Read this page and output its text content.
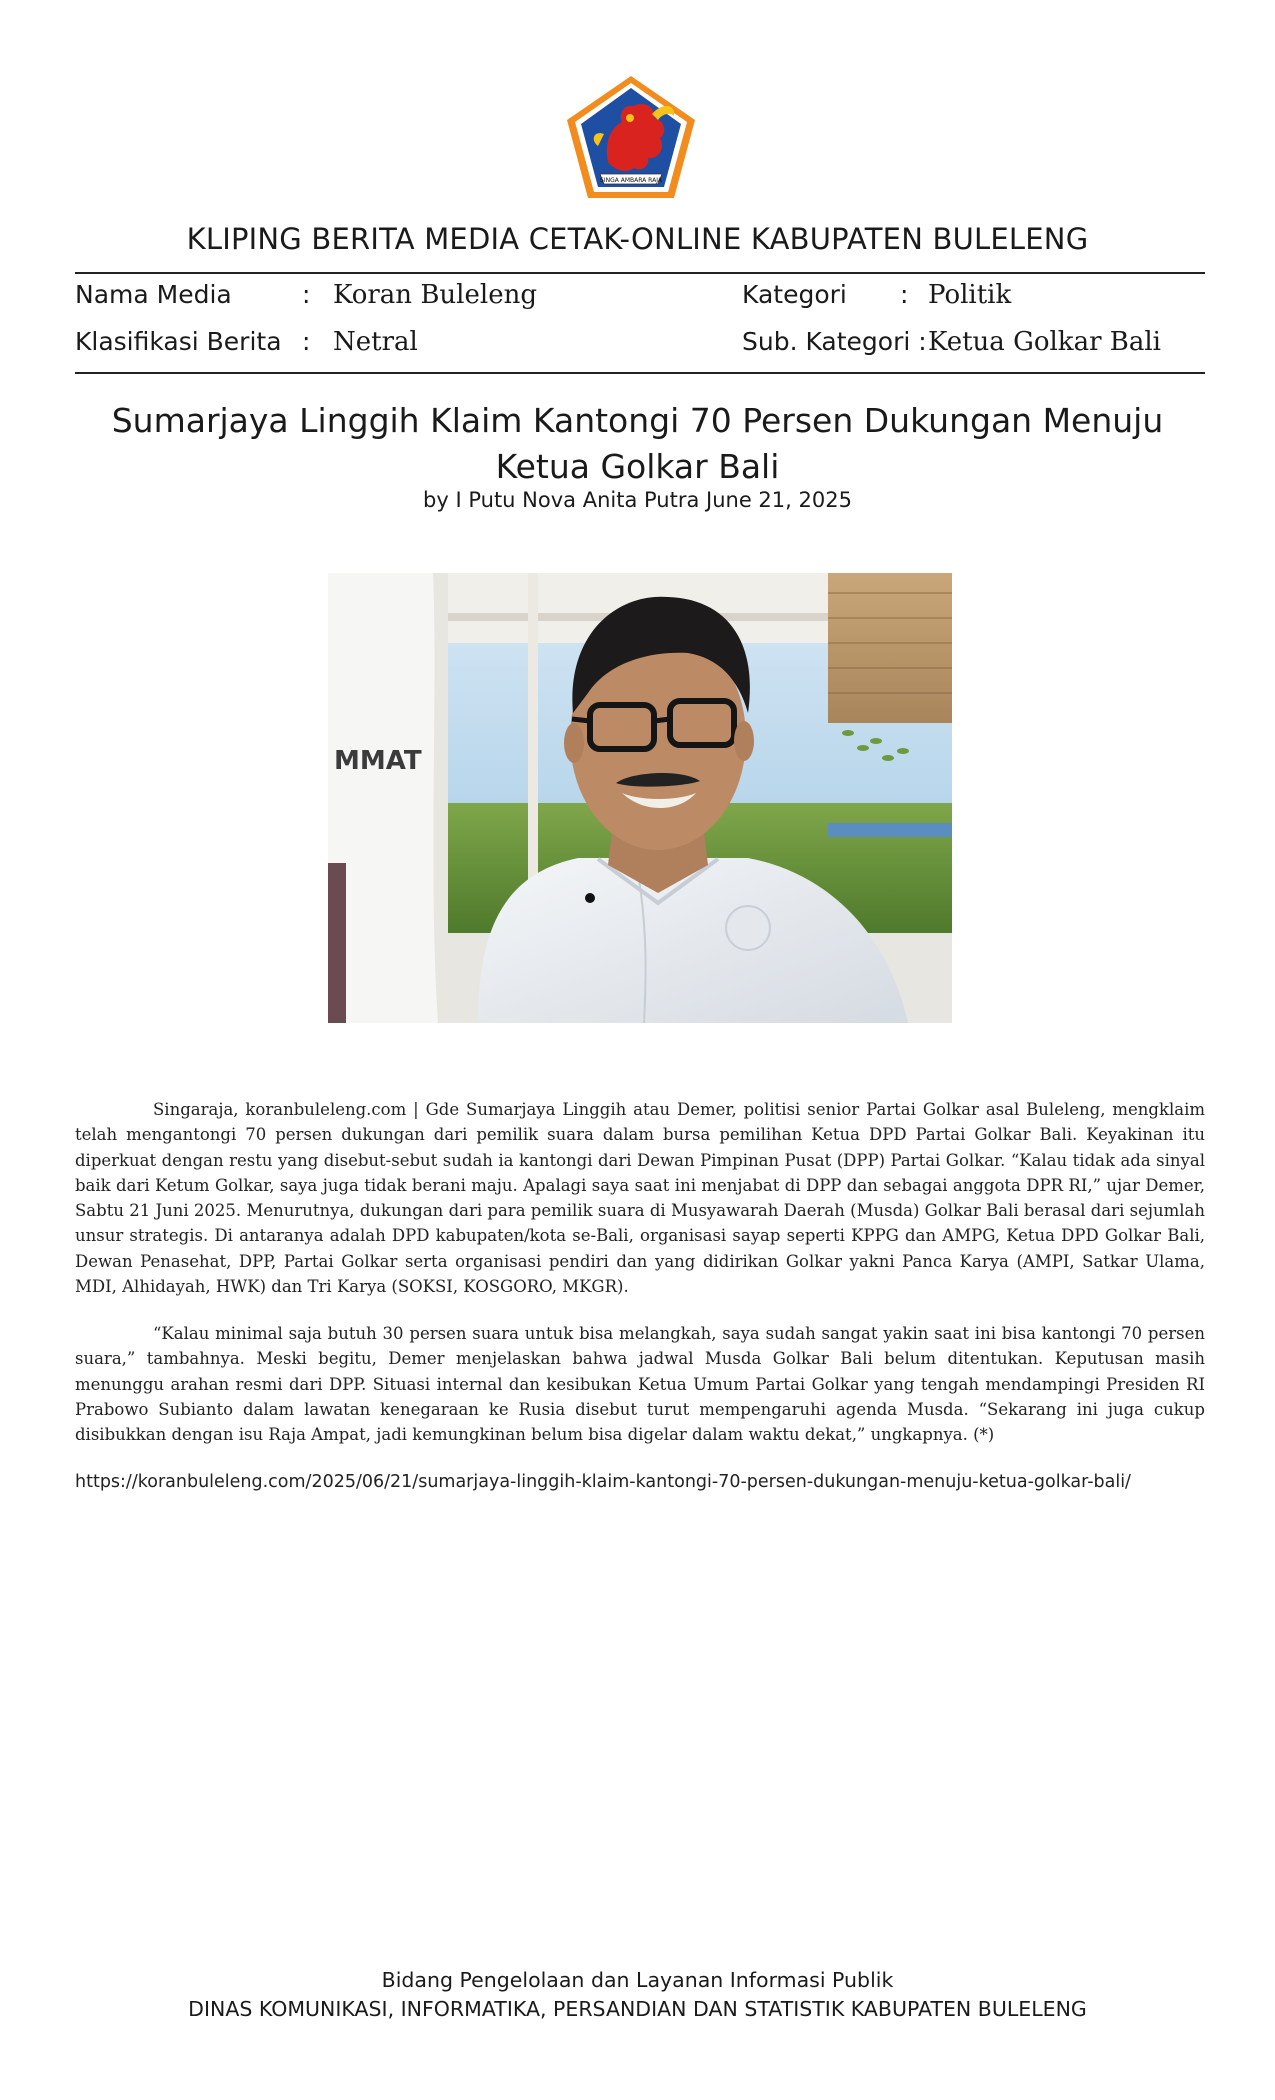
SINGA AMBARA RAJA
KLIPING BERITA MEDIA CETAK-ONLINE KABUPATEN BULELENG
Nama Media	: Koran Buleleng
Klasifikasi Berita : Netral
Kategori : Politik
Sub. Kategori : Ketua Golkar Bali
Sumarjaya Linggih Klaim Kantongi 70 Persen Dukungan Menuju Ketua Golkar Bali
by I Putu Nova Anita Putra June 21, 2025
MMAT
Singaraja, koranbuleleng.com | Gde Sumarjaya Linggih atau Demer, politisi senior Partai Golkar asal Buleleng, mengklaim telah mengantongi 70 persen dukungan dari pemilik suara dalam bursa pemilihan Ketua DPD Partai Golkar Bali. Keyakinan itu diperkuat dengan restu yang disebut-sebut sudah ia kantongi dari Dewan Pimpinan Pusat (DPP) Partai Golkar. “Kalau tidak ada sinyal baik dari Ketum Golkar, saya juga tidak berani maju. Apalagi saya saat ini menjabat di DPP dan sebagai anggota DPR RI,” ujar Demer, Sabtu 21 Juni 2025. Menurutnya, dukungan dari para pemilik suara di Musyawarah Daerah (Musda) Golkar Bali berasal dari sejumlah unsur strategis. Di antaranya adalah DPD kabupaten/kota se-Bali, organisasi sayap seperti KPPG dan AMPG, Ketua DPD Golkar Bali, Dewan Penasehat, DPP, Partai Golkar serta organisasi pendiri dan yang didirikan Golkar yakni Panca Karya (AMPI, Satkar Ulama, MDI, Alhidayah, HWK) dan Tri Karya (SOKSI, KOSGORO, MKGR).
“Kalau minimal saja butuh 30 persen suara untuk bisa melangkah, saya sudah sangat yakin saat ini bisa kantongi 70 persen suara,” tambahnya. Meski begitu, Demer menjelaskan bahwa jadwal Musda Golkar Bali belum ditentukan. Keputusan masih menunggu arahan resmi dari DPP. Situasi internal dan kesibukan Ketua Umum Partai Golkar yang tengah mendampingi Presiden RI Prabowo Subianto dalam lawatan kenegaraan ke Rusia disebut turut mempengaruhi agenda Musda. “Sekarang ini juga cukup disibukkan dengan isu Raja Ampat, jadi kemungkinan belum bisa digelar dalam waktu dekat,” ungkapnya. (*)
https://koranbuleleng.com/2025/06/21/sumarjaya-linggih-klaim-kantongi-70-persen-dukungan-menuju-ketua-golkar-bali/
Bidang Pengelolaan dan Layanan Informasi Publik
DINAS KOMUNIKASI, INFORMATIKA, PERSANDIAN DAN STATISTIK KABUPATEN BULELENG
